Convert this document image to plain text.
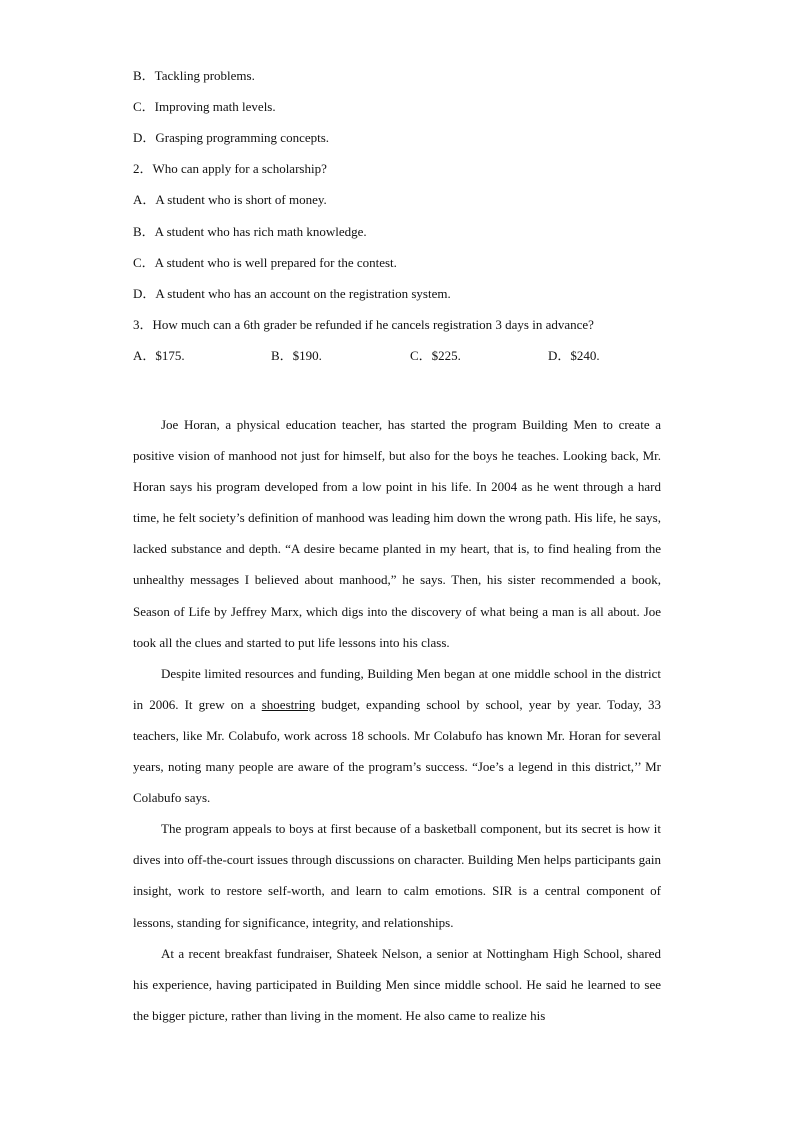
B．Tackling problems.
C．Improving math levels.
D．Grasping programming concepts.
2．Who can apply for a scholarship?
A．A student who is short of money.
B．A student who has rich math knowledge.
C．A student who is well prepared for the contest.
D．A student who has an account on the registration system.
3．How much can a 6th grader be refunded if he cancels registration 3 days in advance?
A．$175.	B．$190.	C．$225.	D．$240.

Joe Horan, a physical education teacher, has started the program Building Men to create a positive vision of manhood not just for himself, but also for the boys he teaches. Looking back, Mr. Horan says his program developed from a low point in his life. In 2004 as he went through a hard time, he felt society’s definition of manhood was leading him down the wrong path. His life, he says, lacked substance and depth. “A desire became planted in my heart, that is, to find healing from the unhealthy messages I believed about manhood,” he says. Then, his sister recommended a book, Season of Life by Jeffrey Marx, which digs into the discovery of what being a man is all about. Joe took all the clues and started to put life lessons into his class.

Despite limited resources and funding, Building Men began at one middle school in the district in 2006. It grew on a shoestring budget, expanding school by school, year by year. Today, 33 teachers, like Mr. Colabufo, work across 18 schools. Mr Colabufo has known Mr. Horan for several years, noting many people are aware of the program’s success. “Joe’s a legend in this district,’’ Mr Colabufo says.

The program appeals to boys at first because of a basketball component, but its secret is how it dives into off-the-court issues through discussions on character. Building Men helps participants gain insight, work to restore self-worth, and learn to calm emotions. SIR is a central component of lessons, standing for significance, integrity, and relationships.

At a recent breakfast fundraiser, Shateek Nelson, a senior at Nottingham High School, shared his experience, having participated in Building Men since middle school. He said he learned to see the bigger picture, rather than living in the moment. He also came to realize his
